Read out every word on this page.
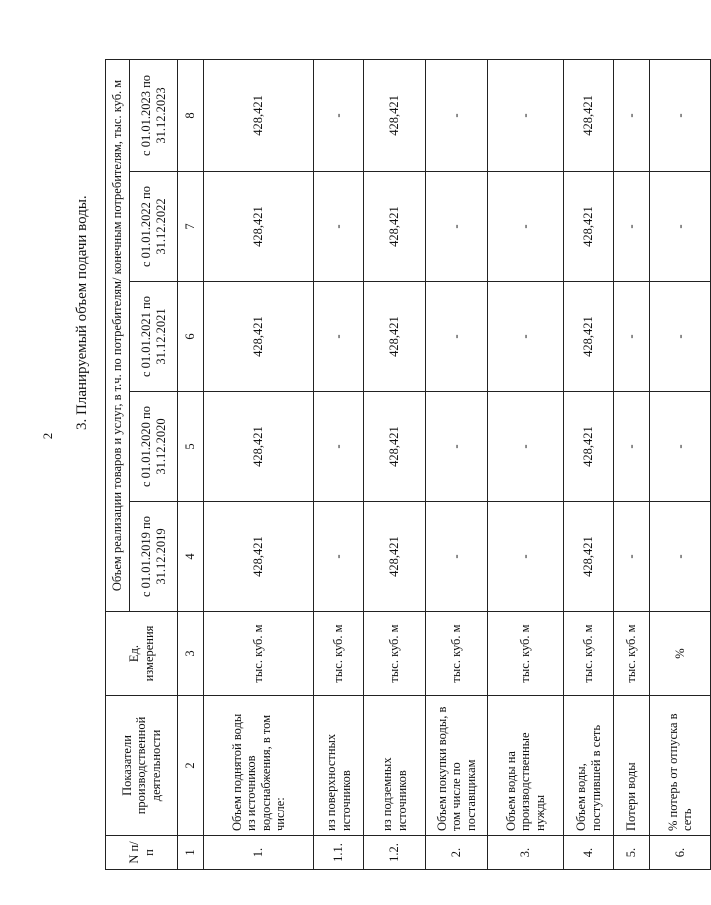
2
3. Планируемый объем подачи воды.
N п/п	Показатели производственной деятельности	Ед. измерения	Объем реализации товаров и услуг, в т.ч. по потребителям/ конечным потребителям, тыс. куб. м				
			с 01.01.2019 по 31.12.2019	с 01.01.2020 по 31.12.2020	с 01.01.2021 по 31.12.2021	с 01.01.2022 по 31.12.2022	с 01.01.2023 по 31.12.2023
1	2	3	4	5	6	7	8
1.	Объем поднятой воды из источников водоснабжения, в том числе:	тыс. куб. м	428,421	428,421	428,421	428,421	428,421
1.1.	из поверхностных источников	тыс. куб. м	-	-	-	-	-
1.2.	из подземных источников	тыс. куб. м	428,421	428,421	428,421	428,421	428,421
2.	Объем покупки воды, в том числе по поставщикам	тыс. куб. м	-	-	-	-	-
3.	Объем воды на производственные нужды	тыс. куб. м	-	-	-	-	-
4.	Объем воды, поступившей в сеть	тыс. куб. м	428,421	428,421	428,421	428,421	428,421
5.	Потери воды	тыс. куб. м	-	-	-	-	-
6.	% потерь от отпуска в сеть	%	-	-	-	-	-
